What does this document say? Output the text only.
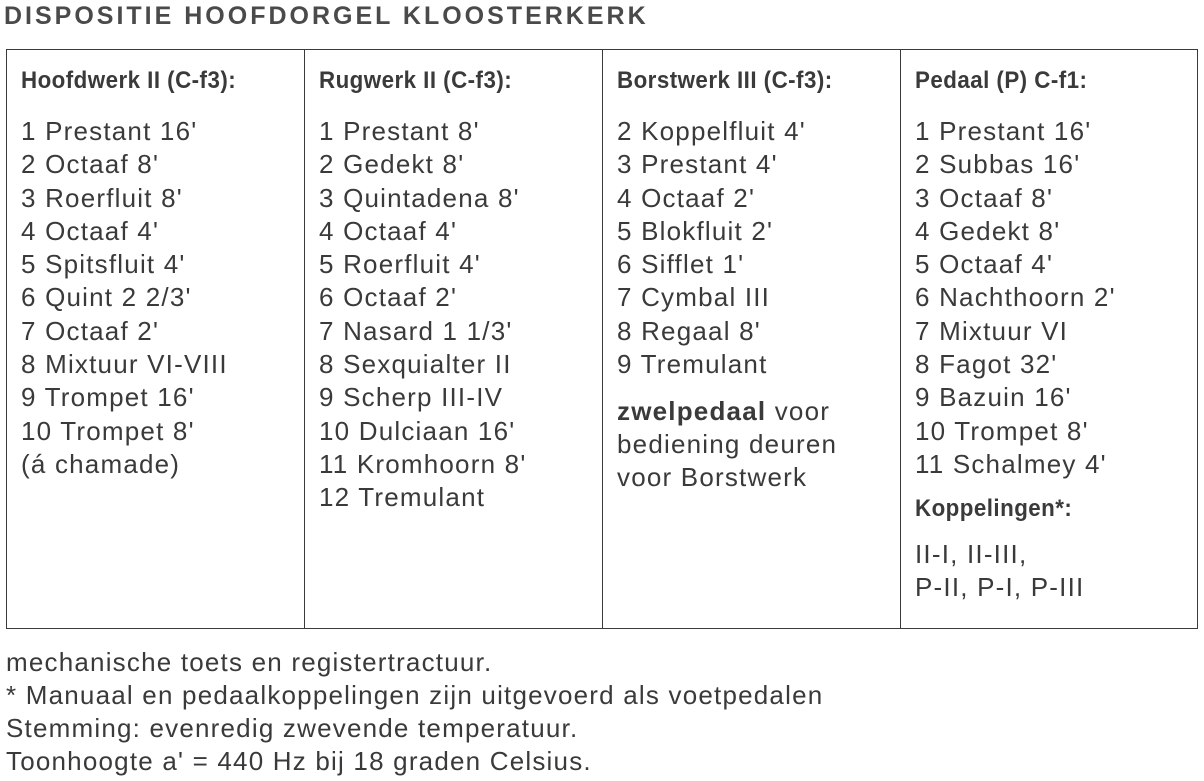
DISPOSITIE HOOFDORGEL KLOOSTERKERK
Hoofdwerk II (C-f3):
1 Prestant 16'
2 Octaaf 8'
3 Roerfluit 8'
4 Octaaf 4'
5 Spitsfluit 4'
6 Quint 2 2/3'
7 Octaaf 2'
8 Mixtuur VI-VIII
9 Trompet 16'
10 Trompet 8'
(á chamade)
Rugwerk II (C-f3):
1 Prestant 8'
2 Gedekt 8'
3 Quintadena 8'
4 Octaaf 4'
5 Roerfluit 4'
6 Octaaf 2'
7 Nasard 1 1/3'
8 Sexquialter II
9 Scherp III-IV
10 Dulciaan 16'
11 Kromhoorn 8'
12 Tremulant
Borstwerk III (C-f3):
2 Koppelfluit 4'
3 Prestant 4'
4 Octaaf 2'
5 Blokfluit 2'
6 Sifflet 1'
7 Cymbal III
8 Regaal 8'
9 Tremulant
zwelpedaal voor
bediening deuren
voor Borstwerk
Pedaal (P) C-f1:
1 Prestant 16'
2 Subbas 16'
3 Octaaf 8'
4 Gedekt 8'
5 Octaaf 4'
6 Nachthoorn 2'
7 Mixtuur VI
8 Fagot 32'
9 Bazuin 16'
10 Trompet 8'
11 Schalmey 4'
Koppelingen*:
II-I, II-III,
P-II, P-I, P-III
mechanische toets en registertractuur.
* Manuaal en pedaalkoppelingen zijn uitgevoerd als voetpedalen
Stemming: evenredig zwevende temperatuur.
Toonhoogte a' = 440 Hz bij 18 graden Celsius.
